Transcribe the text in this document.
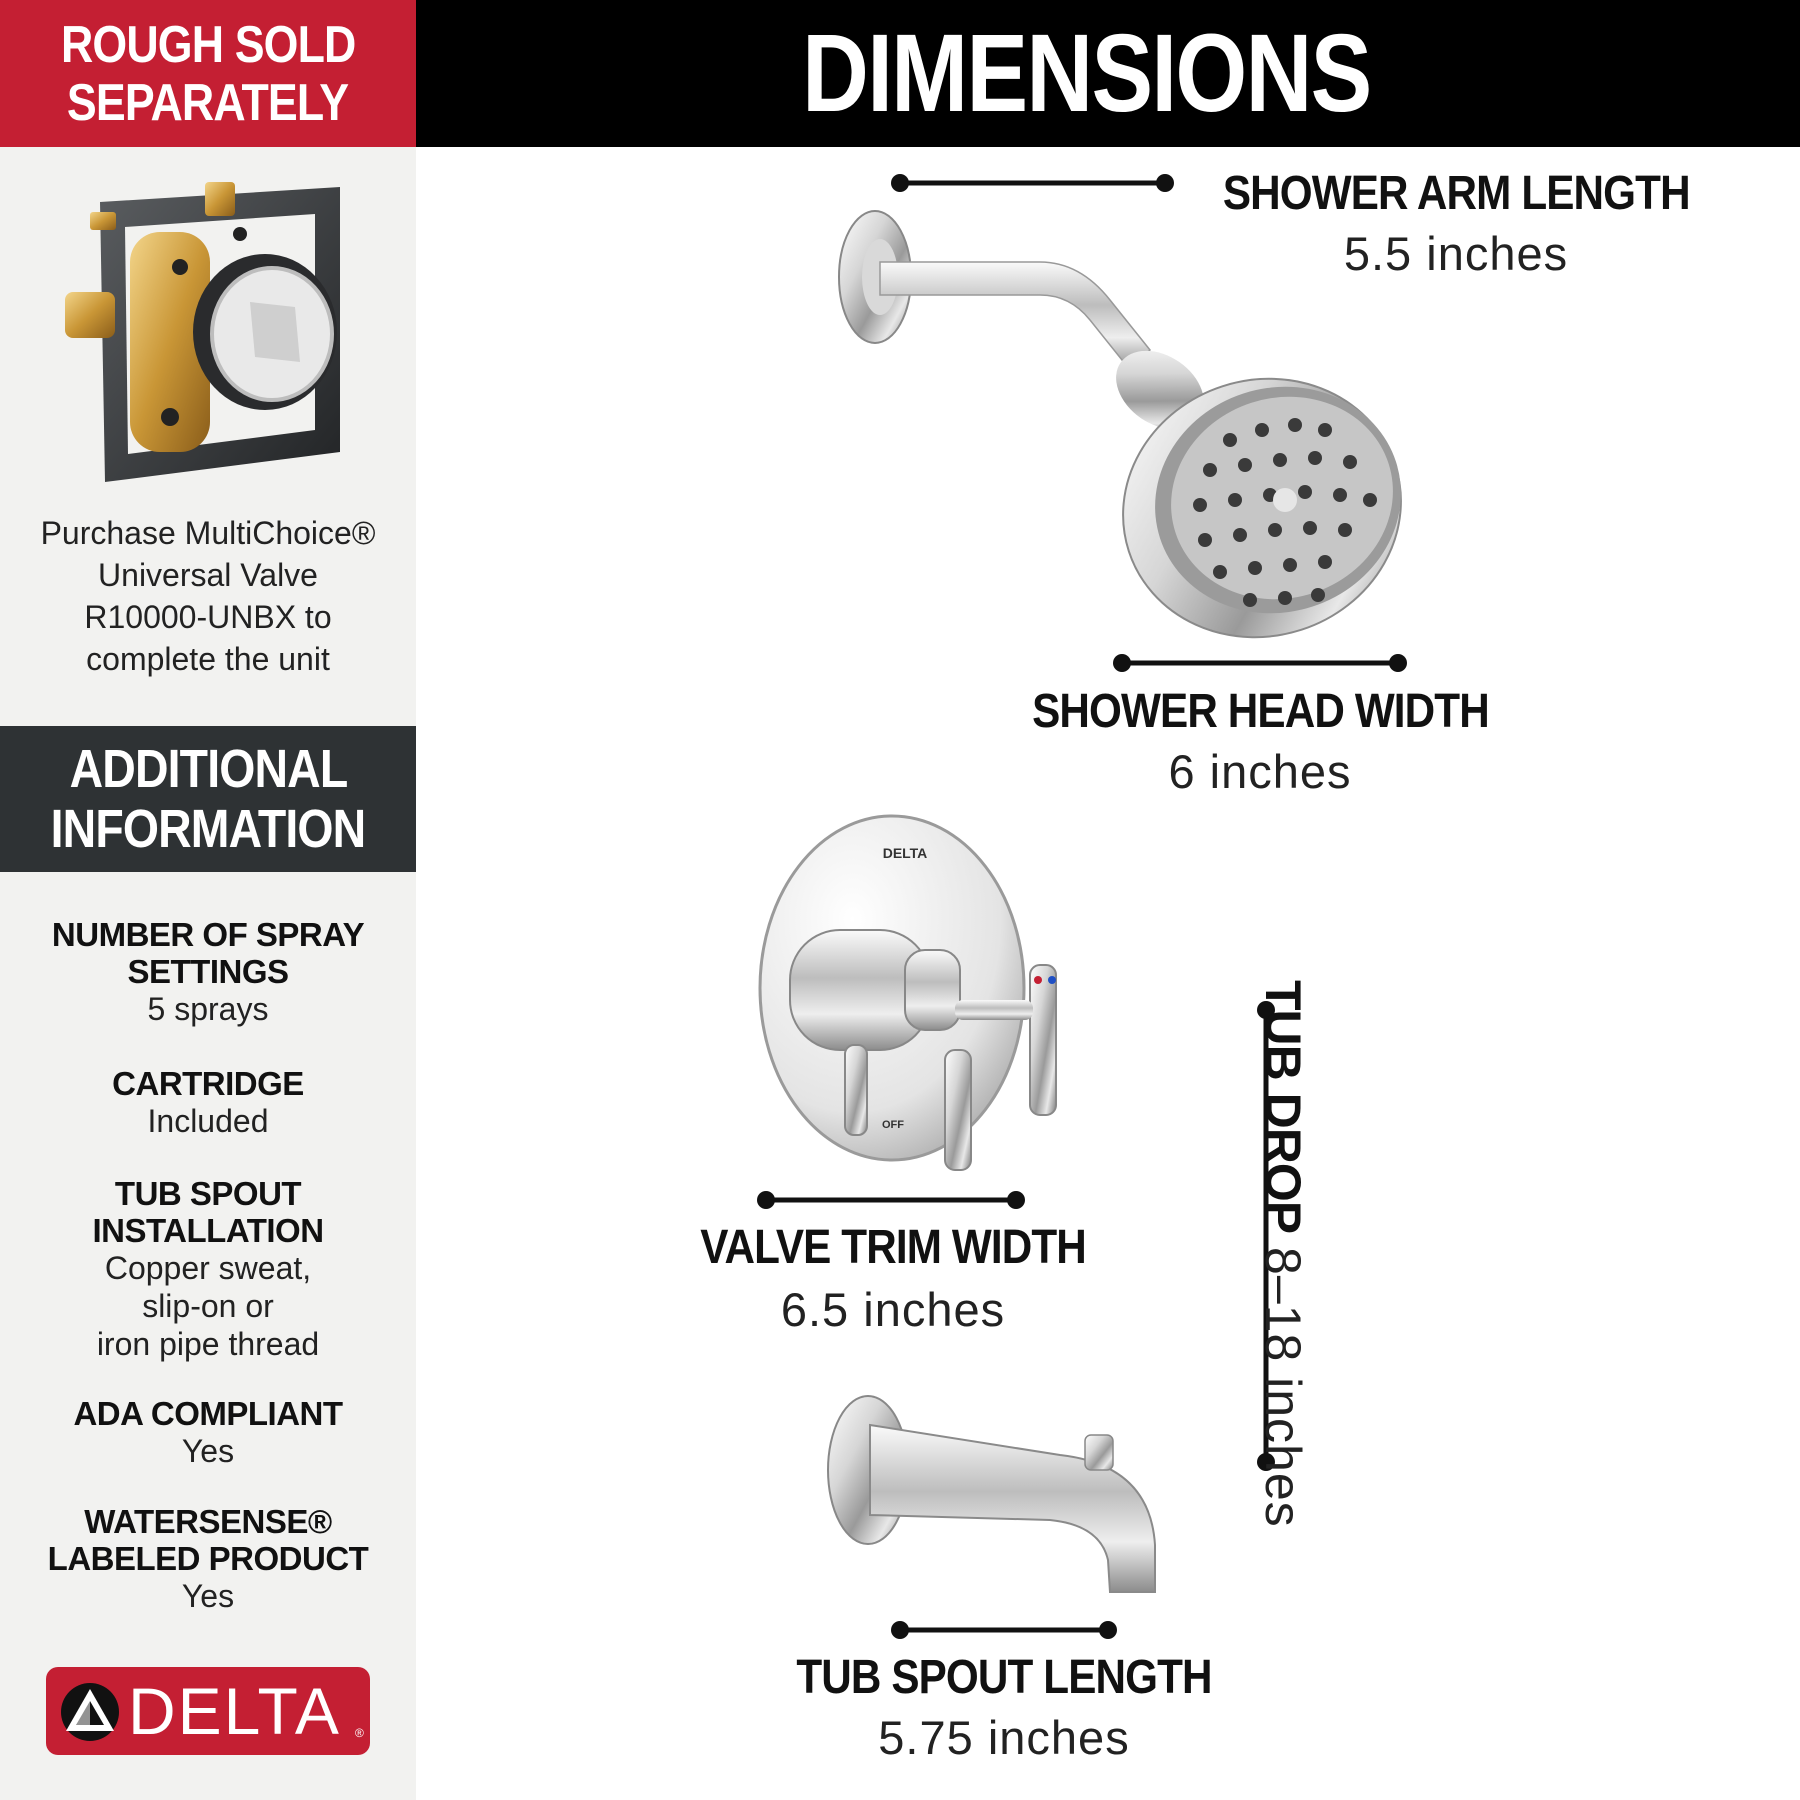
ROUGH SOLD
SEPARATELY
Purchase MultiChoice®
Universal Valve
R10000-UNBX to
complete the unit
ADDITIONAL
INFORMATION
NUMBER OF SPRAY
SETTINGS
5 sprays
CARTRIDGE
Included
TUB SPOUT
INSTALLATION
Copper sweat,
slip-on or
iron pipe thread
ADA COMPLIANT
Yes
WATERSENSE®
LABELED PRODUCT
Yes
DELTA ®
DIMENSIONS
DELTA
OFF
SHOWER ARM LENGTH
5.5 inches
SHOWER HEAD WIDTH
6 inches
VALVE TRIM WIDTH
6.5 inches
TUB SPOUT LENGTH
5.75 inches
TUB DROP 8–18 inches
